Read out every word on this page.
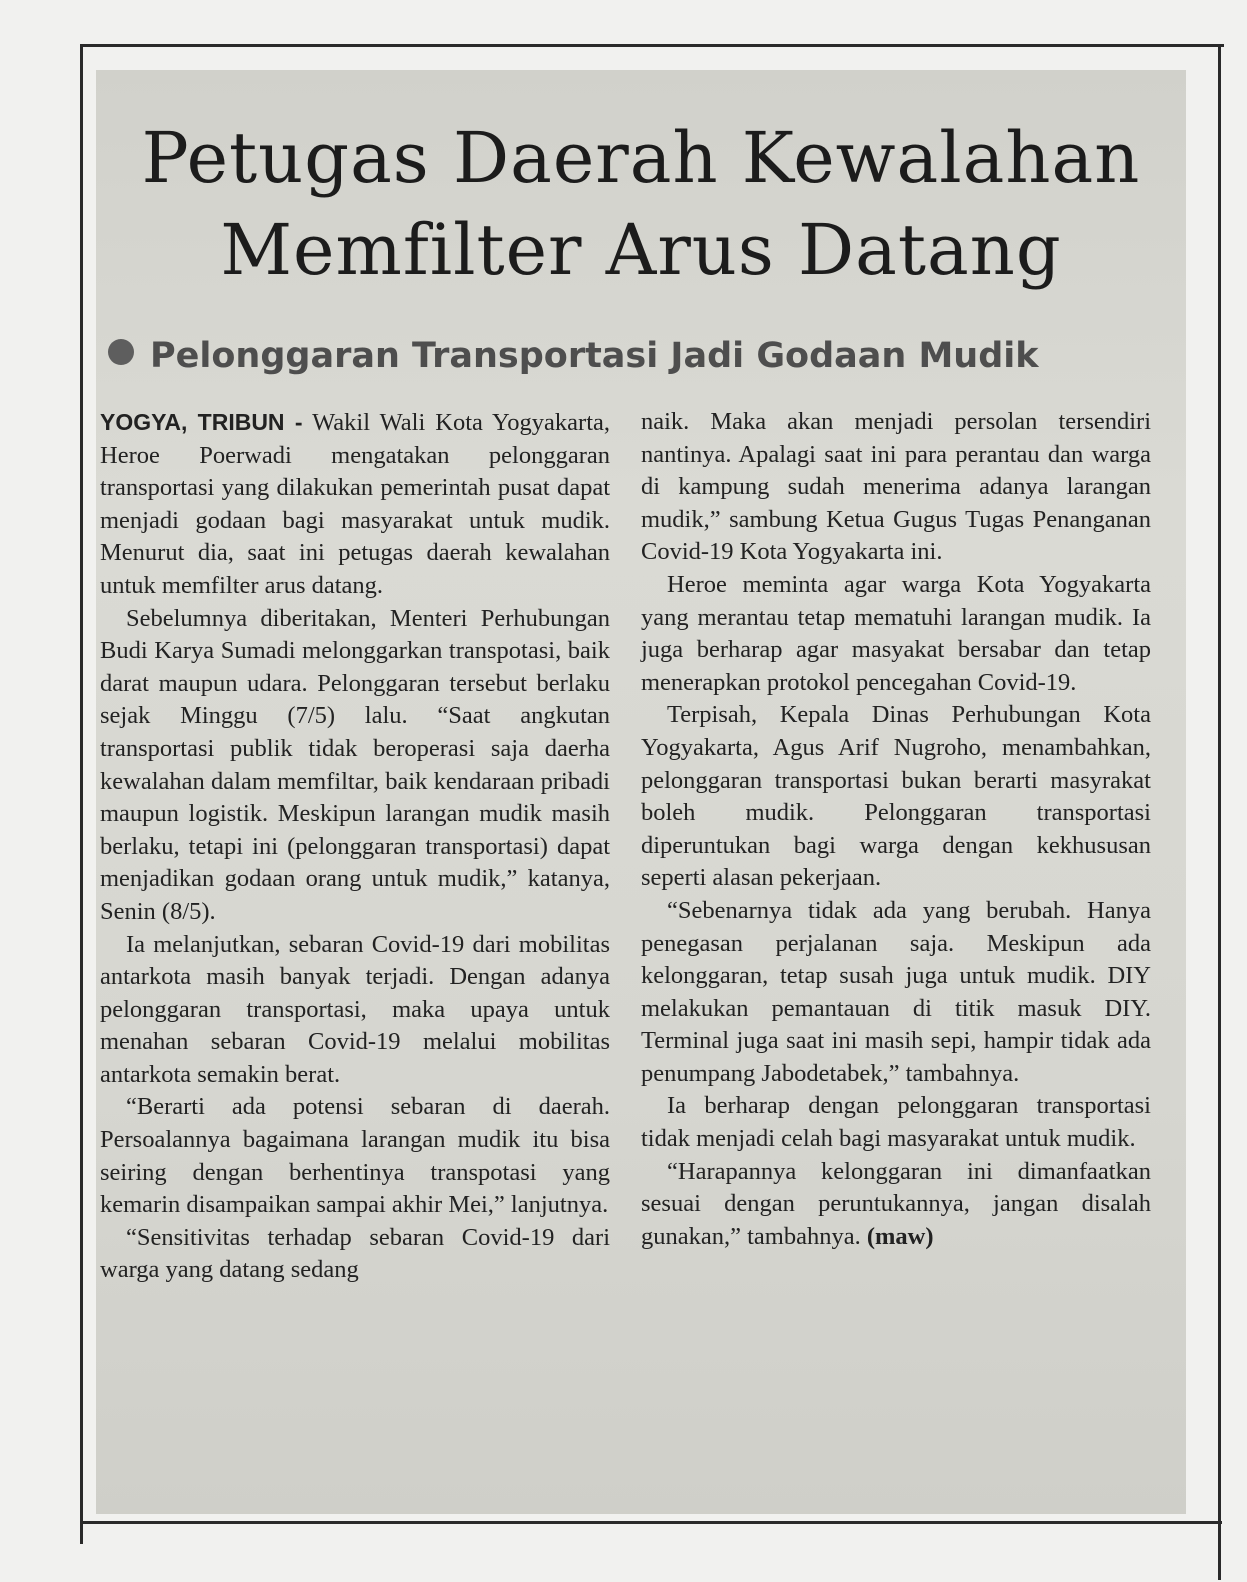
Petugas Daerah Kewalahan
Memfilter Arus Datang
Pelonggaran Transportasi Jadi Godaan Mudik

YOGYA, TRIBUN - Wakil Wali Kota Yogyakarta, Heroe Poerwadi mengatakan pelonggaran transportasi yang dilakukan pemerintah pusat dapat menjadi godaan bagi masyarakat untuk mudik. Menurut dia, saat ini petugas daerah kewalahan untuk memfilter arus datang.

Sebelumnya diberitakan, Menteri Perhubungan Budi Karya Sumadi melonggarkan transpotasi, baik darat maupun udara. Pelonggaran tersebut berlaku sejak Minggu (7/5) lalu. “Saat angkutan transportasi publik tidak beroperasi saja daerha kewalahan dalam memfiltar, baik kendaraan pribadi maupun logistik. Meskipun larangan mudik masih berlaku, tetapi ini (pelonggaran transportasi) dapat menjadikan godaan orang untuk mudik,” katanya, Senin (8/5).

Ia melanjutkan, sebaran Covid-19 dari mobilitas antarkota masih banyak terjadi. Dengan adanya pelonggaran transportasi, maka upaya untuk menahan sebaran Covid-19 melalui mobilitas antarkota semakin berat.

“Berarti ada potensi sebaran di daerah. Persoalannya bagaimana larangan mudik itu bisa seiring dengan berhentinya transpotasi yang kemarin disampaikan sampai akhir Mei,” lanjutnya.

“Sensitivitas terhadap sebaran Covid-19 dari warga yang datang sedang

naik. Maka akan menjadi persolan tersendiri nantinya. Apalagi saat ini para perantau dan warga di kampung sudah menerima adanya larangan mudik,” sambung Ketua Gugus Tugas Penanganan Covid-19 Kota Yogyakarta ini.

Heroe meminta agar warga Kota Yogyakarta yang merantau tetap mematuhi larangan mudik. Ia juga berharap agar masyakat bersabar dan tetap menerapkan protokol pencegahan Covid-19.

Terpisah, Kepala Dinas Perhubungan Kota Yogyakarta, Agus Arif Nugroho, menambahkan, pelonggaran transportasi bukan berarti masyrakat boleh mudik. Pelonggaran transportasi diperuntukan bagi warga dengan kekhususan seperti alasan pekerjaan.

“Sebenarnya tidak ada yang berubah. Hanya penegasan perjalanan saja. Meskipun ada kelonggaran, tetap susah juga untuk mudik. DIY melakukan pemantauan di titik masuk DIY. Terminal juga saat ini masih sepi, hampir tidak ada penumpang Jabodetabek,” tambahnya.

Ia berharap dengan pelonggaran transportasi tidak menjadi celah bagi masyarakat untuk mudik.

“Harapannya kelonggaran ini dimanfaatkan sesuai dengan peruntukannya, jangan disalah gunakan,” tambahnya. (maw)
